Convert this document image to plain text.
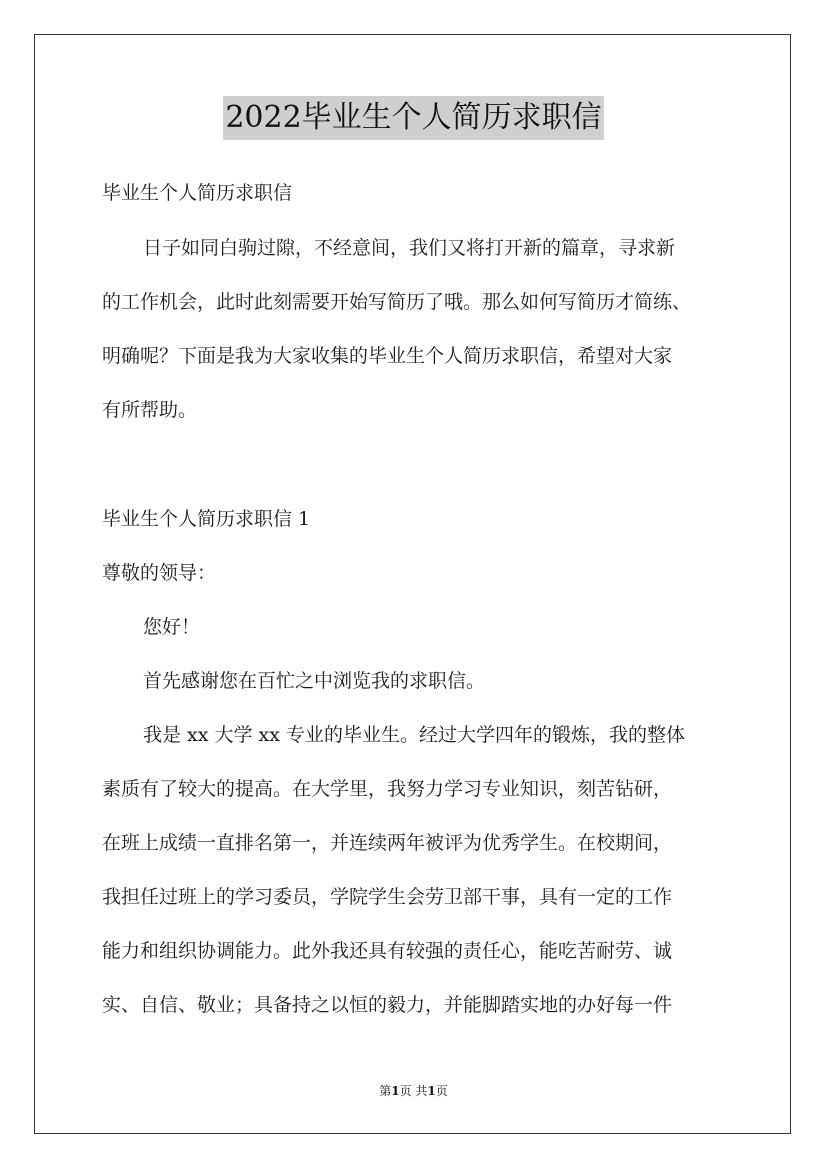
2022毕业生个人简历求职信
毕业生个人简历求职信
日子如同白驹过隙，不经意间，我们又将打开新的篇章，寻求新
的工作机会，此时此刻需要开始写简历了哦。那么如何写简历才简练、
明确呢？下面是我为大家收集的毕业生个人简历求职信，希望对大家
有所帮助。
毕业生个人简历求职信 1
尊敬的领导：
您好！
首先感谢您在百忙之中浏览我的求职信。
我是 xx 大学 xx 专业的毕业生。经过大学四年的锻炼，我的整体
素质有了较大的提高。在大学里，我努力学习专业知识，刻苦钻研，
在班上成绩一直排名第一，并连续两年被评为优秀学生。在校期间，
我担任过班上的学习委员，学院学生会劳卫部干事，具有一定的工作
能力和组织协调能力。此外我还具有较强的责任心，能吃苦耐劳、诚
实、自信、敬业；具备持之以恒的毅力，并能脚踏实地的办好每一件
第1页 共1页
